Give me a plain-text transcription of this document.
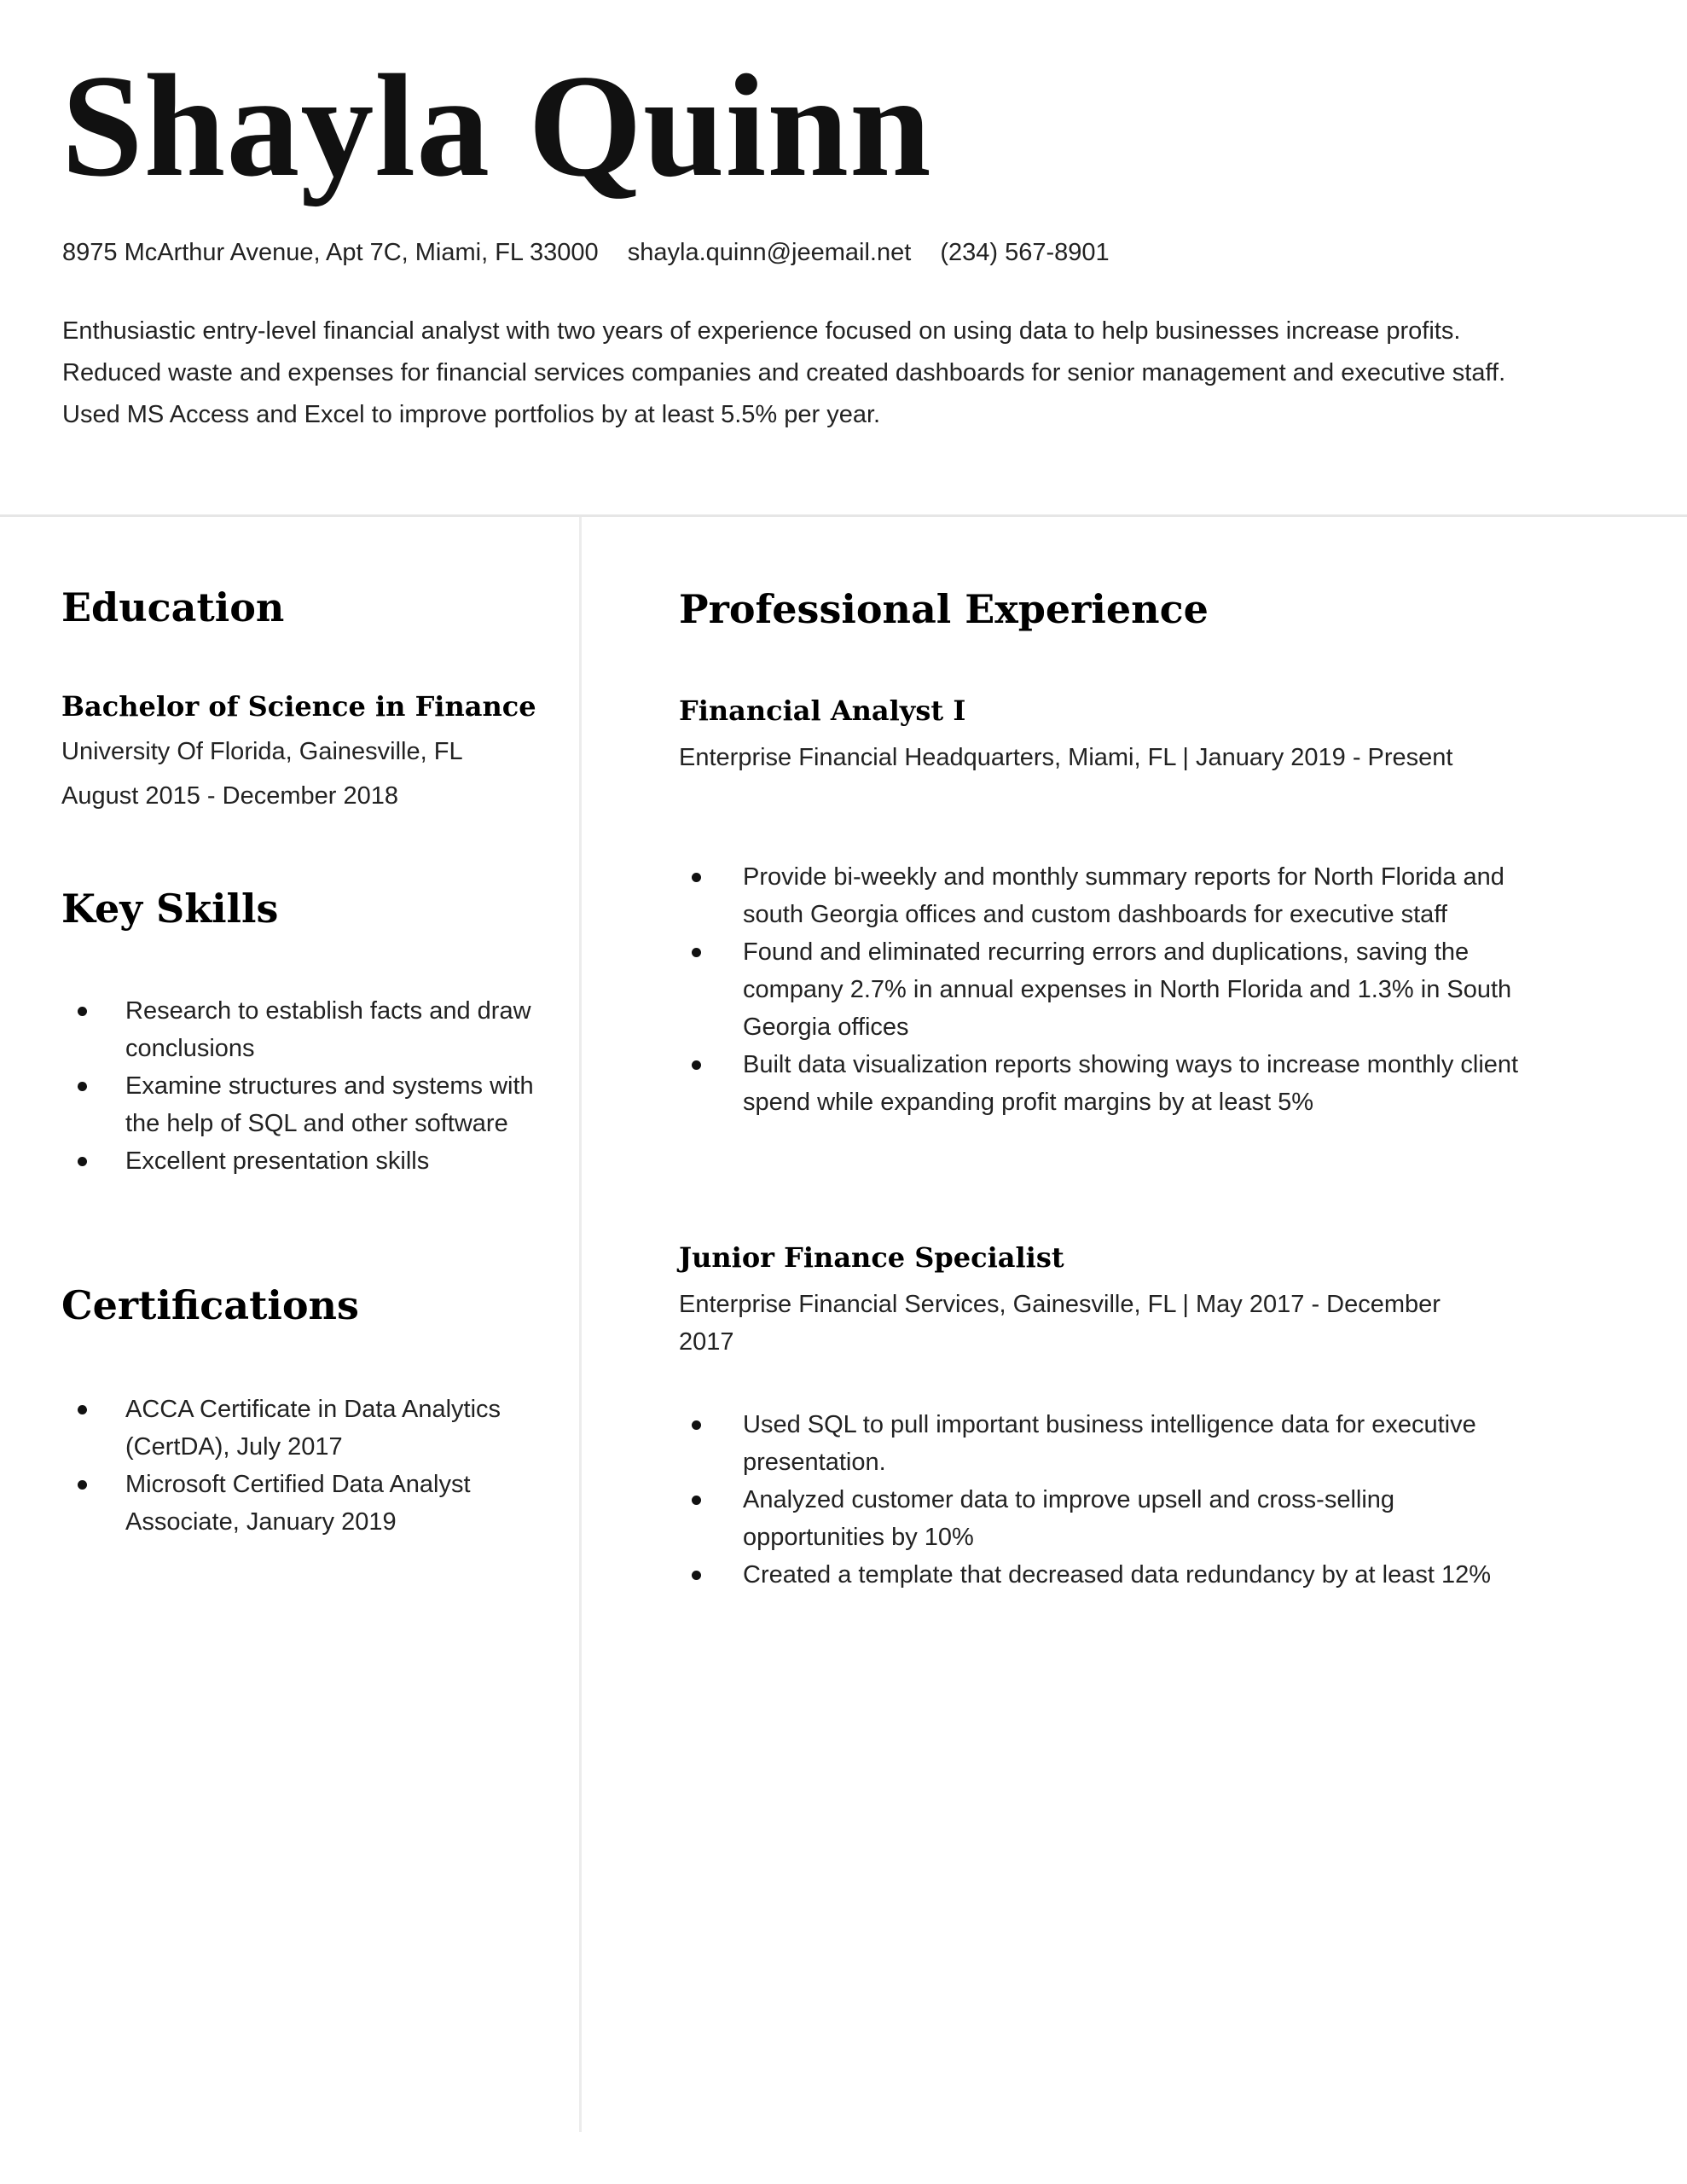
Shayla Quinn
8975 McArthur Avenue, Apt 7C, Miami, FL 33000 shayla.quinn@jeemail.net (234) 567-8901
Enthusiastic entry-level financial analyst with two years of experience focused on using data to help businesses increase profits. Reduced waste and expenses for financial services companies and created dashboards for senior management and executive staff. Used MS Access and Excel to improve portfolios by at least 5.5% per year.
Education
Bachelor of Science in Finance
University Of Florida, Gainesville, FL
August 2015 - December 2018
Key Skills
Research to establish facts and draw conclusions
Examine structures and systems with the help of SQL and other software
Excellent presentation skills
Certifications
ACCA Certificate in Data Analytics (CertDA), July 2017
Microsoft Certified Data Analyst Associate, January 2019
Professional Experience
Financial Analyst I
Enterprise Financial Headquarters, Miami, FL | January 2019 - Present
Provide bi-weekly and monthly summary reports for North Florida and south Georgia offices and custom dashboards for executive staff
Found and eliminated recurring errors and duplications, saving the company 2.7% in annual expenses in North Florida and 1.3% in South Georgia offices
Built data visualization reports showing ways to increase monthly client spend while expanding profit margins by at least 5%
Junior Finance Specialist
Enterprise Financial Services, Gainesville, FL | May 2017 - December 2017
Used SQL to pull important business intelligence data for executive presentation.
Analyzed customer data to improve upsell and cross-selling opportunities by 10%
Created a template that decreased data redundancy by at least 12%
